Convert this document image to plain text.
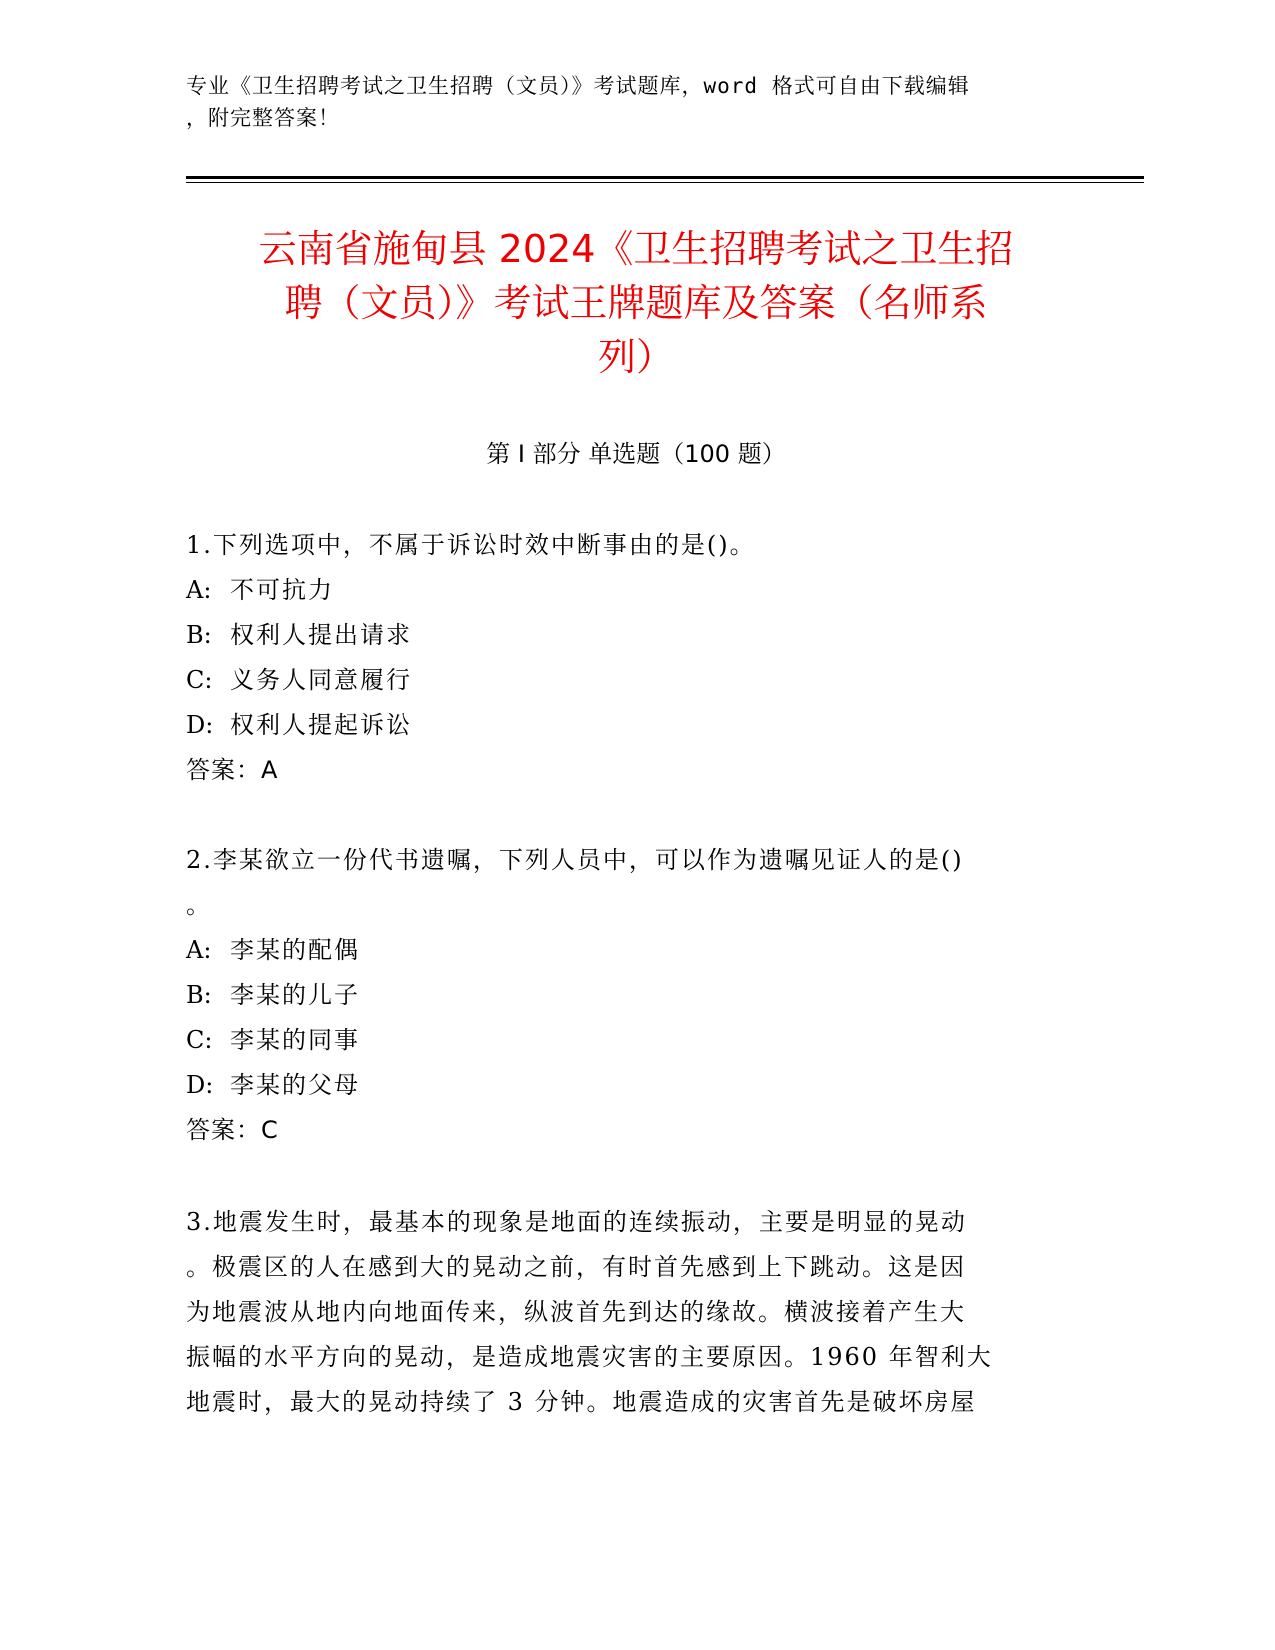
专业《卫生招聘考试之卫生招聘（文员）》考试题库，word 格式可自由下载编辑
，附完整答案！
云南省施甸县 2024《卫生招聘考试之卫生招
聘（文员）》考试王牌题库及答案（名师系
列）
第 I 部分 单选题（100 题）
1.下列选项中，不属于诉讼时效中断事由的是()。
A: 不可抗力
B: 权利人提出请求
C: 义务人同意履行
D: 权利人提起诉讼
答案：A
2.李某欲立一份代书遗嘱，下列人员中，可以作为遗嘱见证人的是()
。
A: 李某的配偶
B: 李某的儿子
C: 李某的同事
D: 李某的父母
答案：C
3.地震发生时，最基本的现象是地面的连续振动，主要是明显的晃动
。极震区的人在感到大的晃动之前，有时首先感到上下跳动。这是因
为地震波从地内向地面传来，纵波首先到达的缘故。横波接着产生大
振幅的水平方向的晃动，是造成地震灾害的主要原因。1960 年智利大
地震时，最大的晃动持续了 3 分钟。地震造成的灾害首先是破坏房屋
